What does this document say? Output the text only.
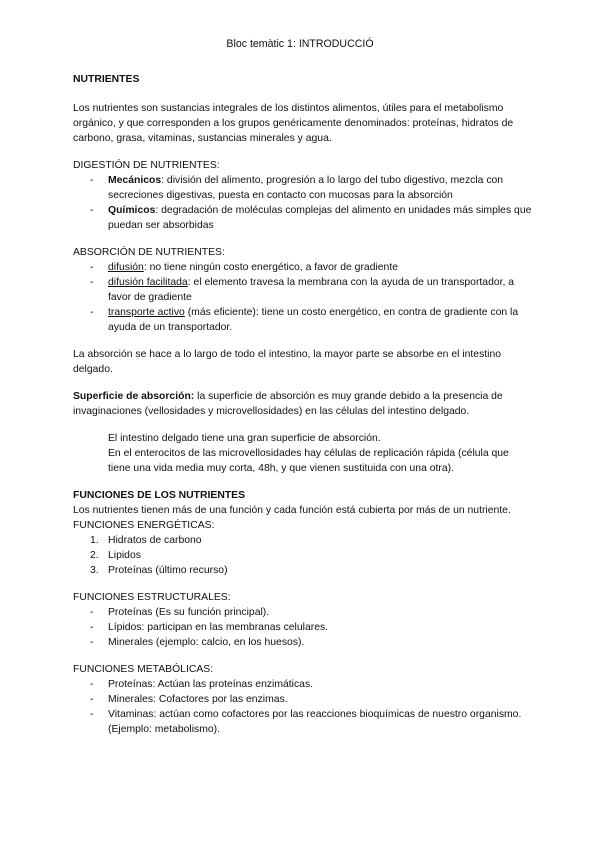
Bloc temàtic 1: INTRODUCCIÓ

NUTRIENTES

Los nutrientes son sustancias integrales de los distintos alimentos, útiles para el metabolismo orgánico, y que corresponden a los grupos genéricamente denominados: proteínas, hidratos de carbono, grasa, vitaminas, sustancias minerales y agua.

DIGESTIÓN DE NUTRIENTES:

- Mecánicos: división del alimento, progresión a lo largo del tubo digestivo, mezcla con secreciones digestivas, puesta en contacto con mucosas para la absorción
- Químicos: degradación de moléculas complejas del alimento en unidades más simples que puedan ser absorbidas

ABSORCIÓN DE NUTRIENTES:

- difusión: no tiene ningún costo energético, a favor de gradiente
- difusión facilitada: el elemento travesa la membrana con la ayuda de un transportador, a favor de gradiente
- transporte activo (más eficiente): tiene un costo energético, en contra de gradiente con la ayuda de un transportador.

La absorción se hace a lo largo de todo el intestino, la mayor parte se absorbe en el intestino delgado.

Superficie de absorción: la superficie de absorción es muy grande debido a la presencia de invaginaciones (vellosidades y microvellosidades) en las células del intestino delgado.

El intestino delgado tiene una gran superficie de absorción.

En el enterocitos de las microvellosidades hay células de replicación rápida (célula que tiene una vida media muy corta, 48h, y que vienen sustituida con una otra).

FUNCIONES DE LOS NUTRIENTES

Los nutrientes tienen más de una función y cada función está cubierta por más de un nutriente.

FUNCIONES ENERGÉTICAS:

1. Hidratos de carbono
2. Lipidos
3. Proteínas (último recurso)

FUNCIONES ESTRUCTURALES:

- Proteínas (Es su función principal).
- Lípidos: participan en las membranas celulares.
- Minerales (ejemplo: calcio, en los huesos).

FUNCIONES METABÓLICAS:

- Proteínas: Actúan las proteínas enzimáticas.
- Minerales: Cofactores por las enzimas.
- Vitaminas: actúan como cofactores por las reacciones bioquímicas de nuestro organismo. (Ejemplo: metabolismo).
